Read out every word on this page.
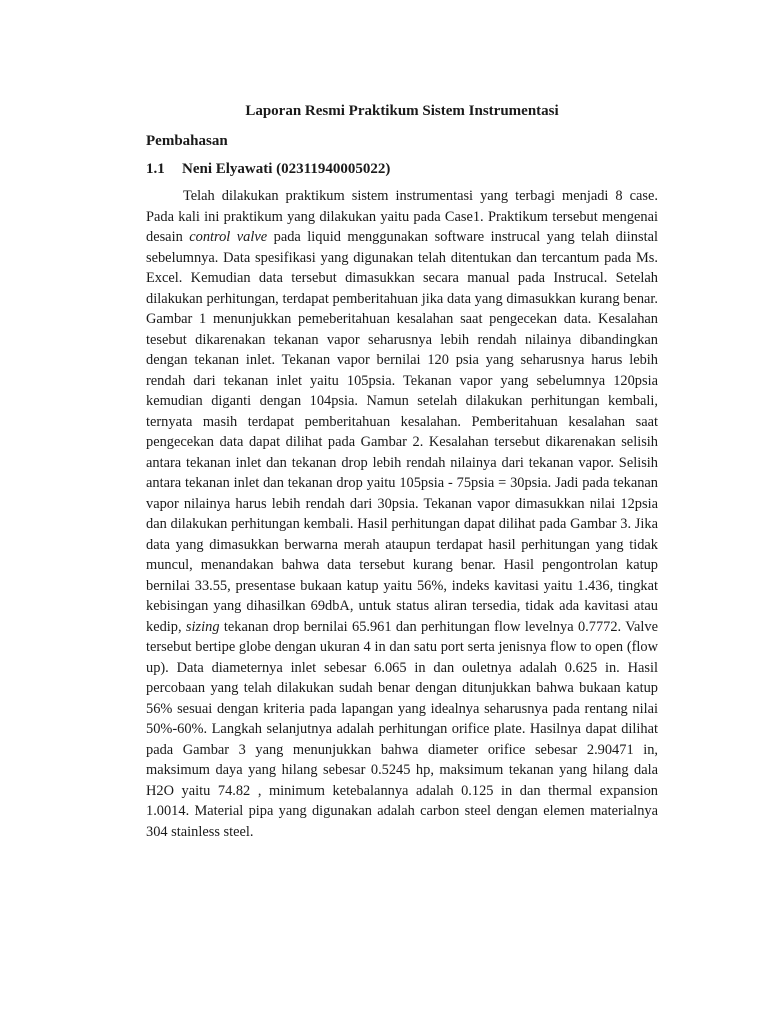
Laporan Resmi Praktikum Sistem Instrumentasi
Pembahasan
1.1	Neni Elyawati (02311940005022)

Telah dilakukan praktikum sistem instrumentasi yang terbagi menjadi 8 case. Pada kali ini praktikum yang dilakukan yaitu pada Case1. Praktikum tersebut mengenai desain control valve pada liquid menggunakan software instrucal yang telah diinstal sebelumnya. Data spesifikasi yang digunakan telah ditentukan dan tercantum pada Ms. Excel. Kemudian data tersebut dimasukkan secara manual pada Instrucal. Setelah dilakukan perhitungan, terdapat pemberitahuan jika data yang dimasukkan kurang benar. Gambar 1 menunjukkan pemeberitahuan kesalahan saat pengecekan data. Kesalahan tesebut dikarenakan tekanan vapor seharusnya lebih rendah nilainya dibandingkan dengan tekanan inlet. Tekanan vapor bernilai 120 psia yang seharusnya harus lebih rendah dari tekanan inlet yaitu 105psia. Tekanan vapor yang sebelumnya 120psia kemudian diganti dengan 104psia. Namun setelah dilakukan perhitungan kembali, ternyata masih terdapat pemberitahuan kesalahan. Pemberitahuan kesalahan saat pengecekan data dapat dilihat pada Gambar 2. Kesalahan tersebut dikarenakan selisih antara tekanan inlet dan tekanan drop lebih rendah nilainya dari tekanan vapor. Selisih antara tekanan inlet dan tekanan drop yaitu 105psia - 75psia = 30psia. Jadi pada tekanan vapor nilainya harus lebih rendah dari 30psia. Tekanan vapor dimasukkan nilai 12psia dan dilakukan perhitungan kembali. Hasil perhitungan dapat dilihat pada Gambar 3. Jika data yang dimasukkan berwarna merah ataupun terdapat hasil perhitungan yang tidak muncul, menandakan bahwa data tersebut kurang benar. Hasil pengontrolan katup bernilai 33.55, presentase bukaan katup yaitu 56%, indeks kavitasi yaitu 1.436, tingkat kebisingan yang dihasilkan 69dbA, untuk status aliran tersedia, tidak ada kavitasi atau kedip, sizing tekanan drop bernilai 65.961 dan perhitungan flow levelnya 0.7772. Valve tersebut bertipe globe dengan ukuran 4 in dan satu port serta jenisnya flow to open (flow up). Data diameternya inlet sebesar 6.065 in dan ouletnya adalah 0.625 in. Hasil percobaan yang telah dilakukan sudah benar dengan ditunjukkan bahwa bukaan katup 56% sesuai dengan kriteria pada lapangan yang idealnya seharusnya pada rentang nilai 50%-60%. Langkah selanjutnya adalah perhitungan orifice plate. Hasilnya dapat dilihat pada Gambar 3 yang menunjukkan bahwa diameter orifice sebesar 2.90471 in, maksimum daya yang hilang sebesar 0.5245 hp, maksimum tekanan yang hilang dala H2O yaitu 74.82 , minimum ketebalannya adalah 0.125 in dan thermal expansion 1.0014. Material pipa yang digunakan adalah carbon steel dengan elemen materialnya 304 stainless steel.
